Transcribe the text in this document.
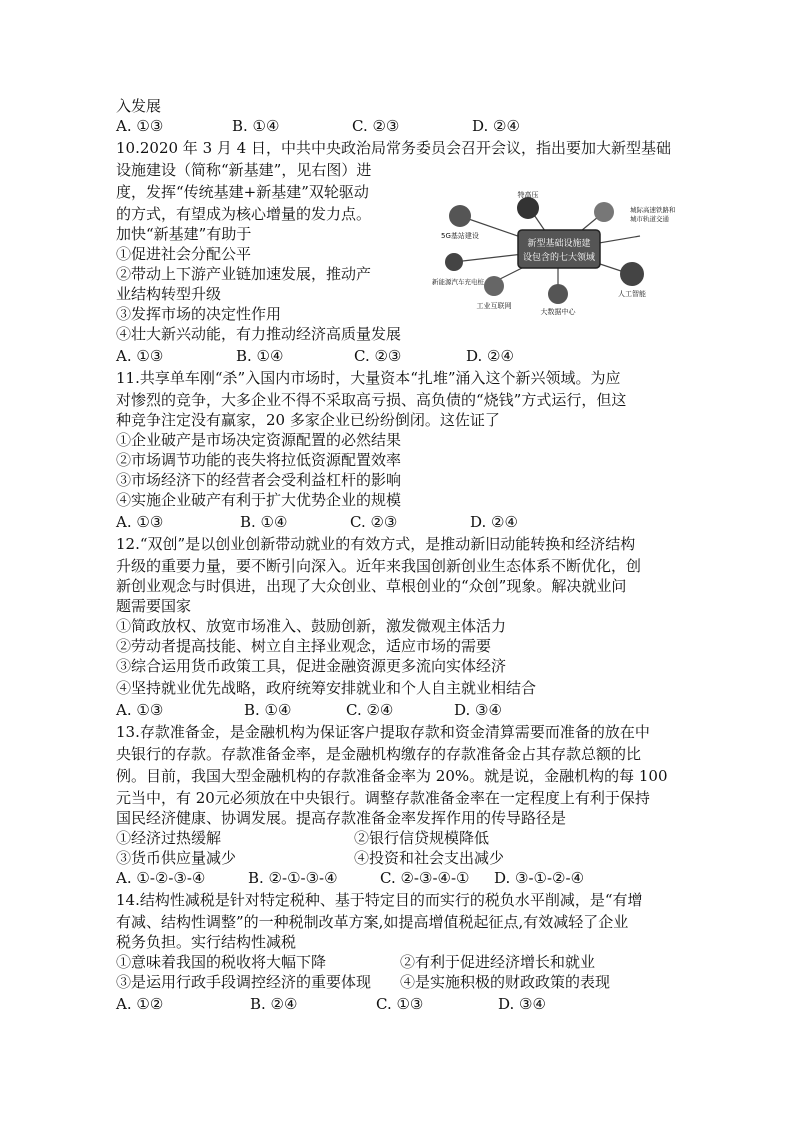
入发展
A. ①③	B. ①④	C. ②③	D. ②④
10.2020 年 3 月 4 日，中共中央政治局常务委员会召开会议，指出要加大新型基础
设施建设（简称“新基建”，见右图）进
度，发挥“传统基建+新基建”双轮驱动
的方式，有望成为核心增量的发力点。
加快“新基建”有助于
①促进社会分配公平
②带动上下游产业链加速发展，推动产
业结构转型升级
③发挥市场的决定性作用
④壮大新兴动能，有力推动经济高质量发展
A. ①③	B. ①④	C. ②③	D. ②④
新型基础设施建
设包含的七大领域
特高压
城际高速铁路和
城市轨道交通
人工智能
大数据中心
工业互联网
新能源汽车充电桩
5G基站建设
11.共享单车刚“杀”入国内市场时，大量资本“扎堆”涌入这个新兴领域。为应
对惨烈的竞争，大多企业不得不采取高亏损、高负债的“烧钱”方式运行，但这
种竞争注定没有赢家，20 多家企业已纷纷倒闭。这佐证了
①企业破产是市场决定资源配置的必然结果
②市场调节功能的丧失将拉低资源配置效率
③市场经济下的经营者会受利益杠杆的影响
④实施企业破产有利于扩大优势企业的规模
A. ①③	B. ①④	C. ②③	D. ②④
12.“双创”是以创业创新带动就业的有效方式，是推动新旧动能转换和经济结构
升级的重要力量，要不断引向深入。近年来我国创新创业生态体系不断优化，创
新创业观念与时俱进，出现了大众创业、草根创业的“众创”现象。解决就业问
题需要国家
①简政放权、放宽市场准入、鼓励创新，激发微观主体活力
②劳动者提高技能、树立自主择业观念，适应市场的需要
③综合运用货币政策工具，促进金融资源更多流向实体经济
④坚持就业优先战略，政府统筹安排就业和个人自主就业相结合
A. ①③	B. ①④	C. ②④	D. ③④
13.存款准备金，是金融机构为保证客户提取存款和资金清算需要而准备的放在中
央银行的存款。存款准备金率，是金融机构缴存的存款准备金占其存款总额的比
例。目前，我国大型金融机构的存款准备金率为 20%。就是说，金融机构的每 100
元当中，有 20元必须放在中央银行。调整存款准备金率在一定程度上有利于保持
国民经济健康、协调发展。提高存款准备金率发挥作用的传导路径是
①经济过热缓解	②银行信贷规模降低
③货币供应量减少	④投资和社会支出减少
A. ①-②-③-④	B. ②-①-③-④	C. ②-③-④-① D. ③-①-②-④
14.结构性减税是针对特定税种、基于特定目的而实行的税负水平削减，是“有增
有减、结构性调整”的一种税制改革方案,如提高增值税起征点,有效减轻了企业
税务负担。实行结构性减税
①意味着我国的税收将大幅下降	②有利于促进经济增长和就业
③是运用行政手段调控经济的重要体现 ④是实施积极的财政政策的表现
A. ①②	B. ②④	C. ①③	D. ③④
